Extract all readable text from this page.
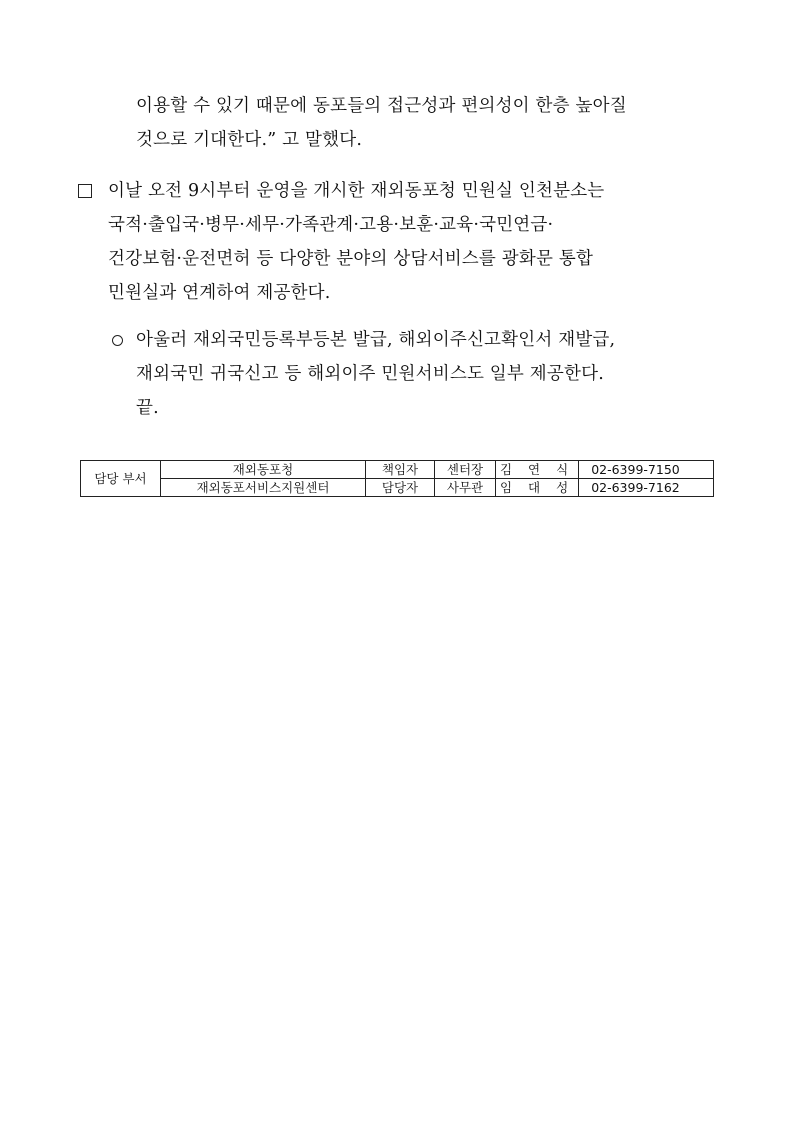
이용할 수 있기 때문에 동포들의 접근성과 편의성이 한층 높아질
것으로 기대한다.” 고 말했다.
이날 오전 9시부터 운영을 개시한 재외동포청 민원실 인천분소는
국적·출입국·병무·세무·가족관계·고용·보훈·교육·국민연금·
건강보험·운전면허 등 다양한 분야의 상담서비스를 광화문 통합
민원실과 연계하여 제공한다.
아울러 재외국민등록부등본 발급, 해외이주신고확인서 재발급,
재외국민 귀국신고 등 해외이주 민원서비스도 일부 제공한다.
끝.
담당 부서	재외동포청	책임자	센터장	김 연 식	02-6399-7150
	재외동포서비스지원센터	담당자	사무관	임 대 성	02-6399-7162
